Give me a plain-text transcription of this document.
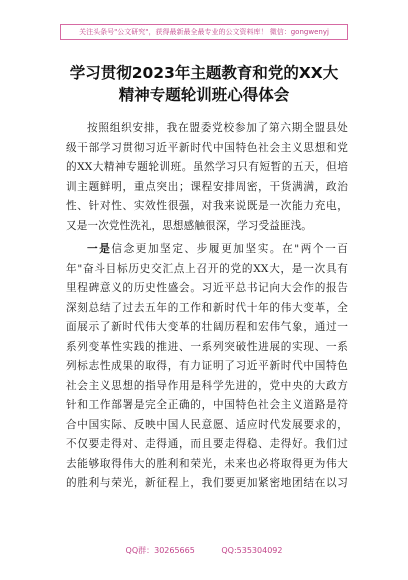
关注头条号"公文研究"，获得最新最全最专业的公文资料库！ 微信：gongwenyj
学习贯彻2023年主题教育和党的XX大
精神专题轮训班心得体会
按照组织安排，我在盟委党校参加了第六期全盟县处
级干部学习贯彻习近平新时代中国特色社会主义思想和党
的XX大精神专题轮训班。虽然学习只有短暂的五天，但培
训主题鲜明，重点突出；课程安排周密，干货满满，政治
性、针对性、实效性很强，对我来说既是一次能力充电，
又是一次党性洗礼，思想感触很深，学习受益匪浅。
一是信念更加坚定、步履更加坚实。在"两个一百
年"奋斗目标历史交汇点上召开的党的XX大，是一次具有
里程碑意义的历史性盛会。习近平总书记向大会作的报告
深刻总结了过去五年的工作和新时代十年的伟大变革，全
面展示了新时代伟大变革的壮阔历程和宏伟气象，通过一
系列变革性实践的推进、一系列突破性进展的实现、一系
列标志性成果的取得，有力证明了习近平新时代中国特色
社会主义思想的指导作用是科学先进的，党中央的大政方
针和工作部署是完全正确的，中国特色社会主义道路是符
合中国实际、反映中国人民意愿、适应时代发展要求的，
不仅要走得对、走得通，而且要走得稳、走得好。我们过
去能够取得伟大的胜利和荣光，未来也必将取得更为伟大
的胜利与荣光，新征程上，我们要更加紧密地团结在以习
QQ群：30265665	QQ:535304092
